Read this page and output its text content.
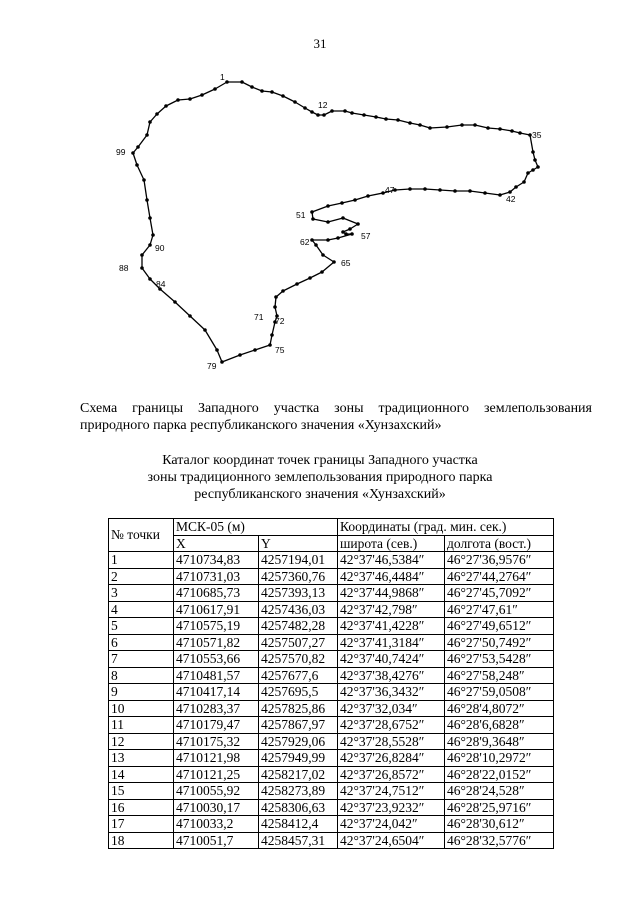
31
1
12
35
42
47
51
57
62
65
71 72
75
79
84
88
90
99
Схема границы Западного участка зоны традиционного землепользования природного парка республиканского значения «Хунзахский»
Каталог координат точек границы Западного участка
зоны традиционного землепользования природного парка
республиканского значения «Хунзахский»
№ точки	МСК-05 (м)		Координаты (град. мин. сек.)	
	X	Y	широта (сев.)	долгота (вост.)
1	4710734,83	4257194,01	42°37'46,5384″	46°27'36,9576″
2	4710731,03	4257360,76	42°37'46,4484″	46°27'44,2764″
3	4710685,73	4257393,13	42°37'44,9868″	46°27'45,7092″
4	4710617,91	4257436,03	42°37'42,798″	46°27'47,61″
5	4710575,19	4257482,28	42°37'41,4228″	46°27'49,6512″
6	4710571,82	4257507,27	42°37'41,3184″	46°27'50,7492″
7	4710553,66	4257570,82	42°37'40,7424″	46°27'53,5428″
8	4710481,57	4257677,6	42°37'38,4276″	46°27'58,248″
9	4710417,14	4257695,5	42°37'36,3432″	46°27'59,0508″
10	4710283,37	4257825,86	42°37'32,034″	46°28'4,8072″
11	4710179,47	4257867,97	42°37'28,6752″	46°28'6,6828″
12	4710175,32	4257929,06	42°37'28,5528″	46°28'9,3648″
13	4710121,98	4257949,99	42°37'26,8284″	46°28'10,2972″
14	4710121,25	4258217,02	42°37'26,8572″	46°28'22,0152″
15	4710055,92	4258273,89	42°37'24,7512″	46°28'24,528″
16	4710030,17	4258306,63	42°37'23,9232″	46°28'25,9716″
17	4710033,2	4258412,4	42°37'24,042″	46°28'30,612″
18	4710051,7	4258457,31	42°37'24,6504″	46°28'32,5776″
